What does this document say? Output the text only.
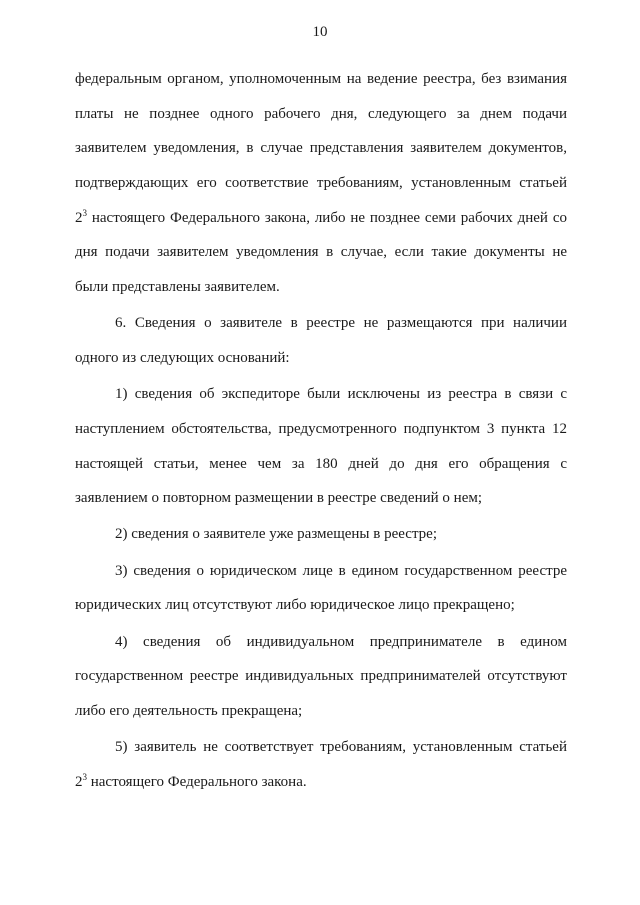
10
федеральным органом, уполномоченным на ведение реестра, без взимания
платы не позднее одного рабочего дня, следующего за днем подачи
заявителем уведомления, в случае представления заявителем документов,
подтверждающих его соответствие требованиям, установленным статьей
$2^3$ настоящего Федерального закона, либо не позднее семи рабочих дней со
дня подачи заявителем уведомления в случае, если такие документы не
были представлены заявителем.
6. Сведения о заявителе в реестре не размещаются при наличии
одного из следующих оснований:
1) сведения об экспедиторе были исключены из реестра в связи с
наступлением обстоятельства, предусмотренного подпунктом 3 пункта 12
настоящей статьи, менее чем за 180 дней до дня его обращения с
заявлением о повторном размещении в реестре сведений о нем;
2) сведения о заявителе уже размещены в реестре;
3) сведения о юридическом лице в едином государственном реестре
юридических лиц отсутствуют либо юридическое лицо прекращено;
4) сведения об индивидуальном предпринимателе в едином
государственном реестре индивидуальных предпринимателей отсутствуют
либо его деятельность прекращена;
5) заявитель не соответствует требованиям, установленным статьей
$2^3$ настоящего Федерального закона.
